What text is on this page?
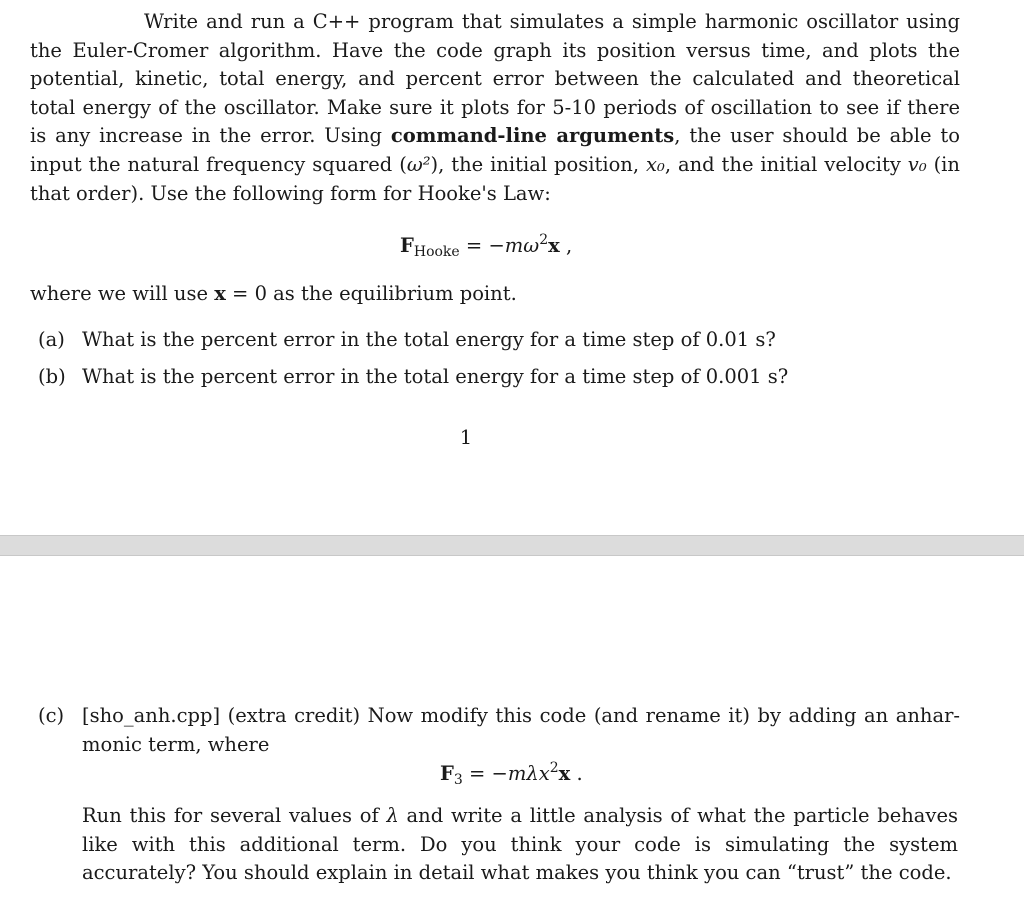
Write and run a C++ program that simulates a simple harmonic oscillator using the Euler-Cromer algorithm. Have the code graph its position versus time, and plots the potential, kinetic, total energy, and percent error between the calculated and theoretical total energy of the oscillator. Make sure it plots for 5-10 periods of oscillation to see if there is any increase in the error. Using command-line arguments, the user should be able to input the natural frequency squared (ω²), the initial position, x₀, and the initial velocity v₀ (in that order). Use the following form for Hooke's Law:

$F_{Hooke} = -m\omega^2x$ ,

where we will use x = 0 as the equilibrium point.

(a) What is the percent error in the total energy for a time step of 0.01 s?
(b) What is the percent error in the total energy for a time step of 0.001 s?
1
(c) [sho_anh.cpp] (extra credit) Now modify this code (and rename it) by adding an anhar- monic term, where
$F_3 = -m\lambda x^2x$ .

Run this for several values of λ and write a little analysis of what the particle behaves like with this additional term. Do you think your code is simulating the system accurately? You should explain in detail what makes you think you can “trust” the code.
